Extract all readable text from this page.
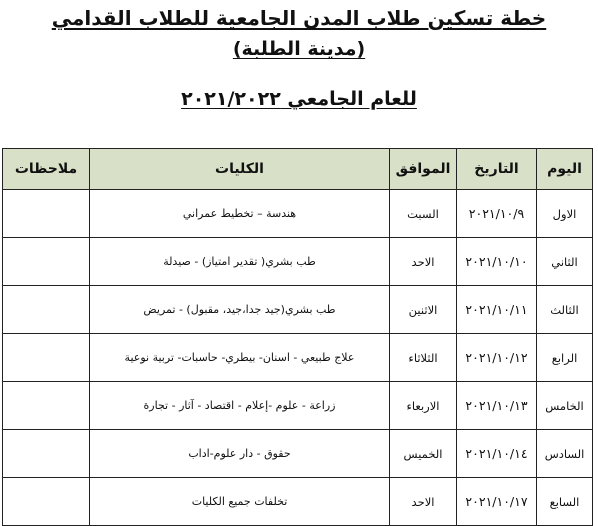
خطة تسكين طلاب المدن الجامعية للطلاب القدامي
(مدينة الطلبة)
للعام الجامعي ٢٠٢١/٢٠٢٢
اليوم	التاريخ	الموافق	الكليات	ملاحظات
الاول	٢٠٢١/١٠/٩	السبت	هندسة – تخطيط عمراني	
الثاني	٢٠٢١/١٠/١٠	الاحد	طب بشري( تقدير امتياز) - صيدلة	
الثالث	٢٠٢١/١٠/١١	الاثنين	طب بشري(جيد جدا،جيد، مقبول) - تمريض	
الرابع	٢٠٢١/١٠/١٢	الثلاثاء	علاج طبيعي - اسنان- بيطري- حاسبات- تربية نوعية	
الخامس	٢٠٢١/١٠/١٣	الاربعاء	زراعة - علوم -إعلام - اقتصاد - آثار - تجارة	
السادس	٢٠٢١/١٠/١٤	الخميس	حقوق - دار علوم-اداب	
السابع	٢٠٢١/١٠/١٧	الاحد	تخلفات جميع الكليات	
